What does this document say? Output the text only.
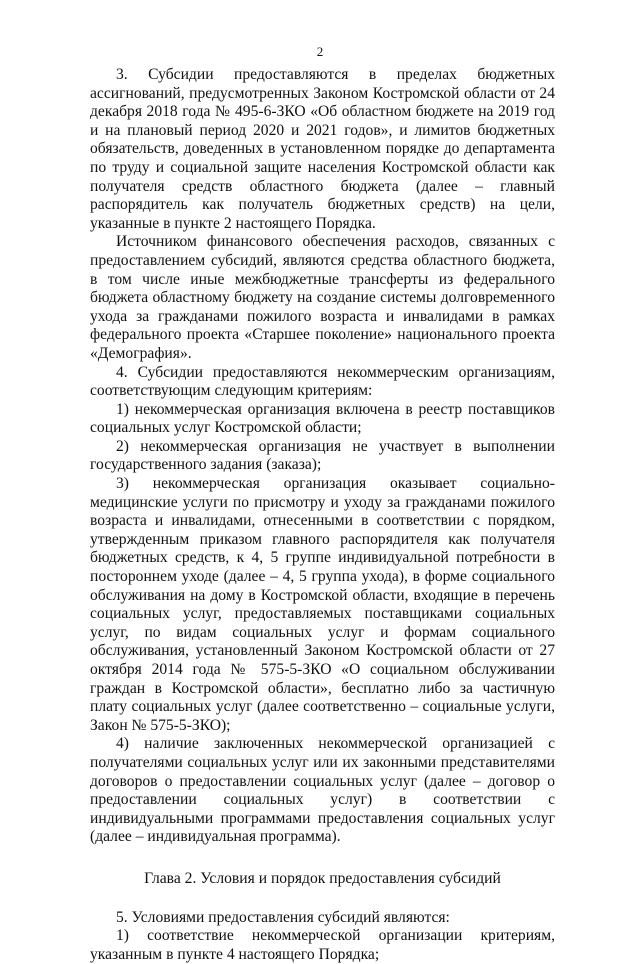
2

3. Субсидии предоставляются в пределах бюджетных ассигнований, предусмотренных Законом Костромской области от 24 декабря 2018 года № 495-6-ЗКО «Об областном бюджете на 2019 год и на плановый период 2020 и 2021 годов», и лимитов бюджетных обязательств, доведенных в установленном порядке до департамента по труду и социальной защите населения Костромской области как получателя средств областного бюджета (далее – главный распорядитель как получатель бюджетных средств) на цели, указанные в пункте 2 настоящего Порядка.

Источником финансового обеспечения расходов, связанных с предоставлением субсидий, являются средства областного бюджета, в том числе иные межбюджетные трансферты из федерального бюджета областному бюджету на создание системы долговременного ухода за гражданами пожилого возраста и инвалидами в рамках федерального проекта «Старшее поколение» национального проекта «Демография».

4. Субсидии предоставляются некоммерческим организациям, соответствующим следующим критериям:

1) некоммерческая организация включена в реестр поставщиков социальных услуг Костромской области;

2) некоммерческая организация не участвует в выполнении государственного задания (заказа);

3) некоммерческая организация оказывает социально-медицинские услуги по присмотру и уходу за гражданами пожилого возраста и инвалидами, отнесенными в соответствии с порядком, утвержденным приказом главного распорядителя как получателя бюджетных средств, к 4, 5 группе индивидуальной потребности в постороннем уходе (далее – 4, 5 группа ухода), в форме социального обслуживания на дому в Костромской области, входящие в перечень социальных услуг, предоставляемых поставщиками социальных услуг, по видам социальных услуг и формам социального обслуживания, установленный Законом Костромской области от 27 октября 2014 года № 575-5-ЗКО «О социальном обслуживании граждан в Костромской области», бесплатно либо за частичную плату социальных услуг (далее соответственно – социальные услуги, Закон № 575-5-ЗКО);

4) наличие заключенных некоммерческой организацией с получателями социальных услуг или их законными представителями договоров о предоставлении социальных услуг (далее – договор о предоставлении социальных услуг) в соответствии с индивидуальными программами предоставления социальных услуг (далее – индивидуальная программа).

Глава 2. Условия и порядок предоставления субсидий

5. Условиями предоставления субсидий являются:

1) соответствие некоммерческой организации критериям, указанным в пункте 4 настоящего Порядка;
